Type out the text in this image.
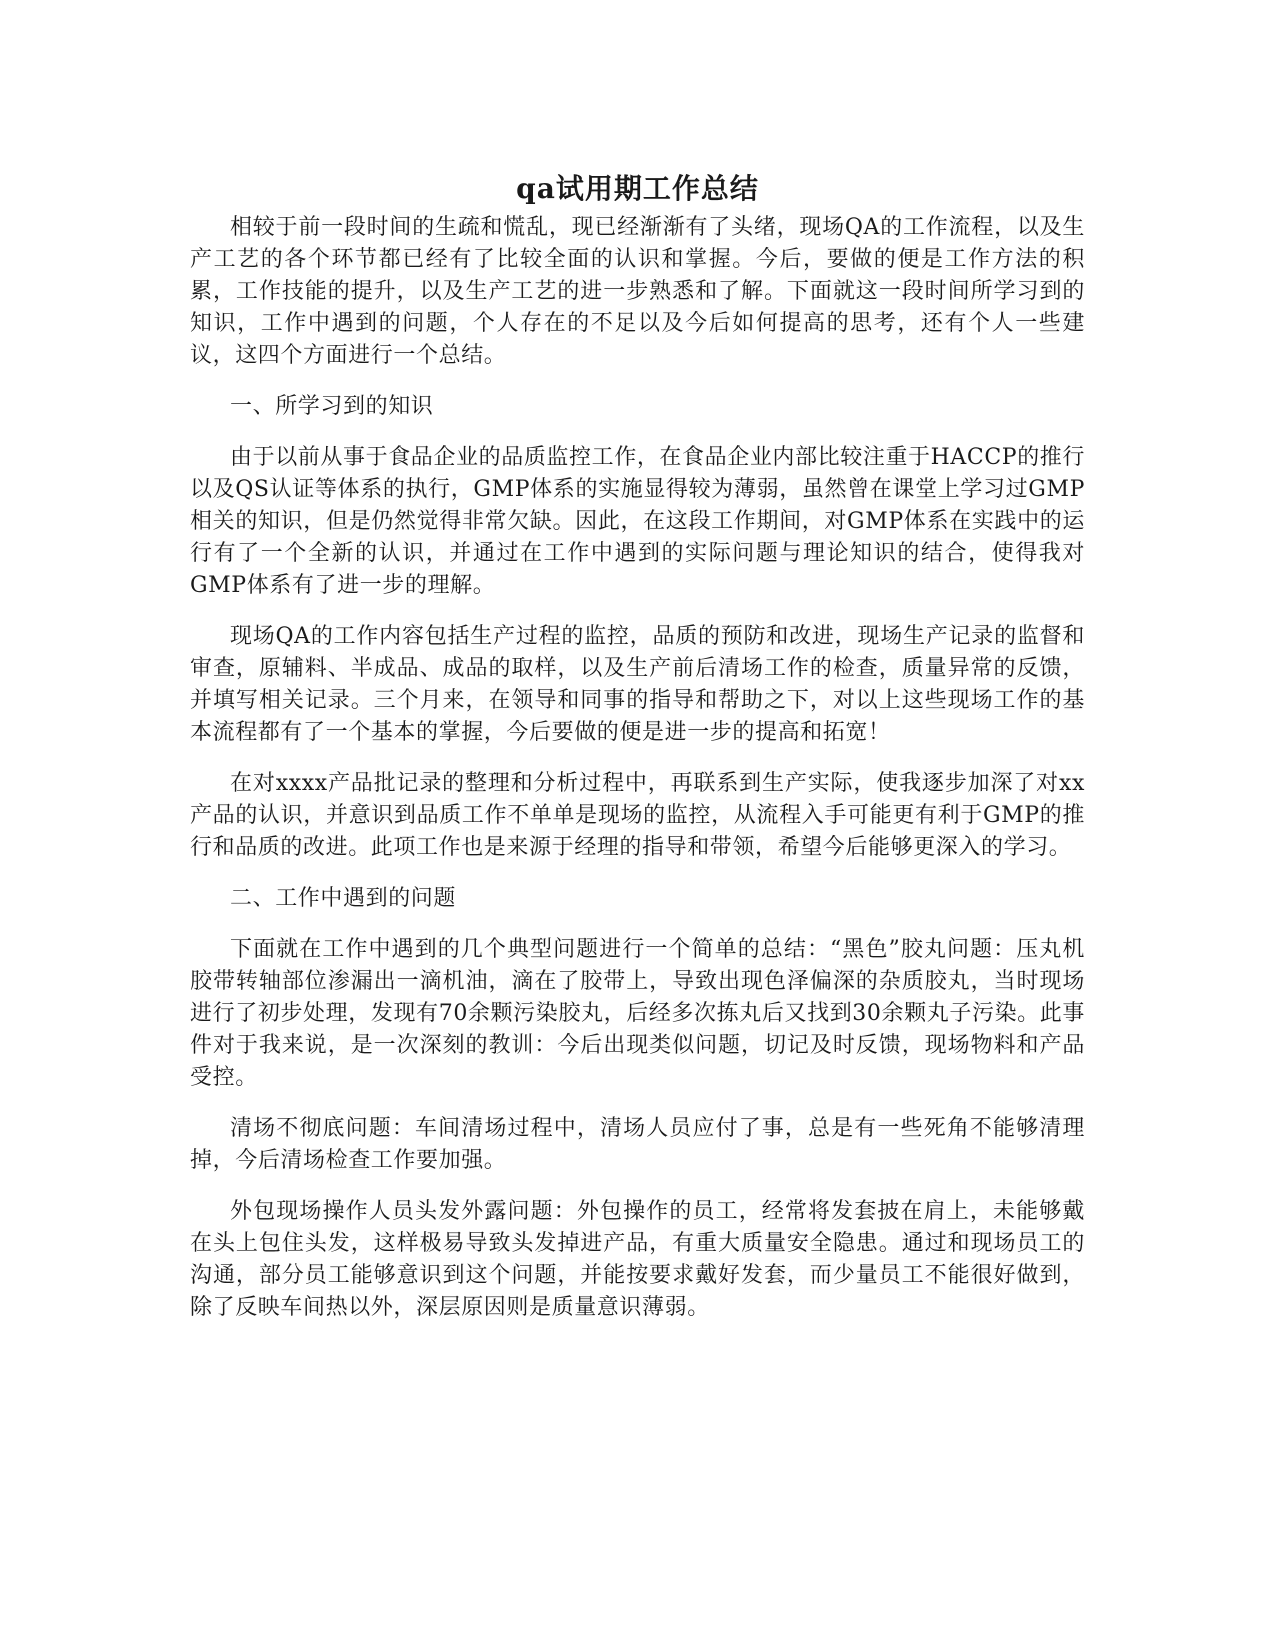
qa试用期工作总结

相较于前一段时间的生疏和慌乱，现已经渐渐有了头绪，现场QA的工作流程，以及生产工艺的各个环节都已经有了比较全面的认识和掌握。今后，要做的便是工作方法的积累，工作技能的提升，以及生产工艺的进一步熟悉和了解。下面就这一段时间所学习到的知识，工作中遇到的问题，个人存在的不足以及今后如何提高的思考，还有个人一些建议，这四个方面进行一个总结。

一、所学习到的知识

由于以前从事于食品企业的品质监控工作，在食品企业内部比较注重于HACCP的推行以及QS认证等体系的执行，GMP体系的实施显得较为薄弱，虽然曾在课堂上学习过GMP相关的知识，但是仍然觉得非常欠缺。因此，在这段工作期间，对GMP体系在实践中的运行有了一个全新的认识，并通过在工作中遇到的实际问题与理论知识的结合，使得我对GMP体系有了进一步的理解。

现场QA的工作内容包括生产过程的监控，品质的预防和改进，现场生产记录的监督和审查，原辅料、半成品、成品的取样，以及生产前后清场工作的检查，质量异常的反馈，并填写相关记录。三个月来，在领导和同事的指导和帮助之下，对以上这些现场工作的基本流程都有了一个基本的掌握，今后要做的便是进一步的提高和拓宽！

在对xxxx产品批记录的整理和分析过程中，再联系到生产实际，使我逐步加深了对xx产品的认识，并意识到品质工作不单单是现场的监控，从流程入手可能更有利于GMP的推行和品质的改进。此项工作也是来源于经理的指导和带领，希望今后能够更深入的学习。

二、工作中遇到的问题

下面就在工作中遇到的几个典型问题进行一个简单的总结：“黑色”胶丸问题：压丸机胶带转轴部位渗漏出一滴机油，滴在了胶带上，导致出现色泽偏深的杂质胶丸，当时现场进行了初步处理，发现有70余颗污染胶丸，后经多次拣丸后又找到30余颗丸子污染。此事件对于我来说，是一次深刻的教训：今后出现类似问题，切记及时反馈，现场物料和产品受控。

清场不彻底问题：车间清场过程中，清场人员应付了事，总是有一些死角不能够清理掉，今后清场检查工作要加强。

外包现场操作人员头发外露问题：外包操作的员工，经常将发套披在肩上，未能够戴在头上包住头发，这样极易导致头发掉进产品，有重大质量安全隐患。通过和现场员工的沟通，部分员工能够意识到这个问题，并能按要求戴好发套，而少量员工不能很好做到，除了反映车间热以外，深层原因则是质量意识薄弱。
